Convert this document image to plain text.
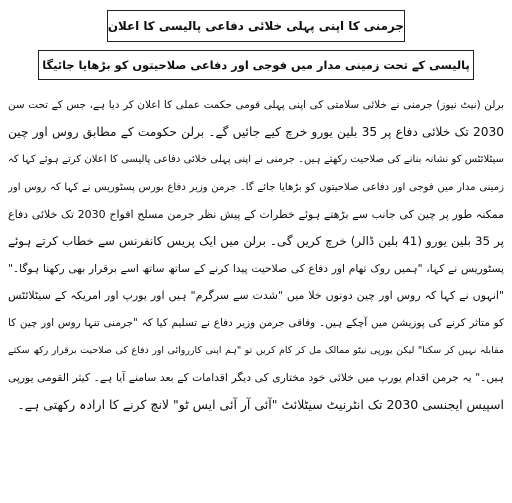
جرمنی کا اپنی پہلی خلائی دفاعی پالیسی کا اعلان
پالیسی کے تحت زمینی مدار میں فوجی اور دفاعی صلاحیتوں کو بڑھایا جائیگا
برلن (نیٹ نیوز) جرمنی نے خلائی سلامتی کی اپنی پہلی قومی حکمت عملی کا اعلان کر دیا ہے، جس کے تحت سن
2030 تک خلائی دفاع پر 35 بلین یورو خرچ کیے جائیں گے۔ برلن حکومت کے مطابق روس اور چین
سیٹلائٹس کو نشانہ بنانے کی صلاحیت رکھتے ہیں۔ جرمنی نے اپنی پہلی خلائی دفاعی پالیسی کا اعلان کرتے ہوئے کہا کہ
زمینی مدار میں فوجی اور دفاعی صلاحیتوں کو بڑھایا جائے گا۔ جرمن وزیر دفاع بورس پسٹوریس نے کہا کہ روس اور
ممکنہ طور پر چین کی جانب سے بڑھتے ہوئے خطرات کے پیش نظر جرمن مسلح افواج 2030 تک خلائی دفاع
پر 35 بلین یورو (41 بلین ڈالر) خرچ کریں گی۔ برلن میں ایک پریس کانفرنس سے خطاب کرتے ہوئے
پسٹوریس نے کہا، "ہمیں روک تھام اور دفاع کی صلاحیت پیدا کرنے کے ساتھ ساتھ اسے برقرار بھی رکھنا ہوگا۔"
"انہوں نے کہا کہ روس اور چین دونوں خلا میں "شدت سے سرگرم" ہیں اور یورپ اور امریکہ کے سیٹلائٹس
کو متاثر کرنے کی پوزیشن میں آچکے ہیں۔ وفاقی جرمن وزیر دفاع نے تسلیم کیا کہ "جرمنی تنہا روس اور چین کا
مقابلہ نہیں کر سکتا" لیکن یورپی نیٹو ممالک مل کر کام کریں تو "ہم اپنی کارروائی اور دفاع کی صلاحیت برقرار رکھ سکتے
ہیں۔" یہ جرمن اقدام یورپ میں خلائی خود مختاری کی دیگر اقدامات کے بعد سامنے آیا ہے۔ کیثر القومی یورپی
اسپیس ایجنسی 2030 تک انٹرنیٹ سیٹلائٹ "آئی آر آئی ایس ٹو" لانچ کرنے کا ارادہ رکھتی ہے۔
